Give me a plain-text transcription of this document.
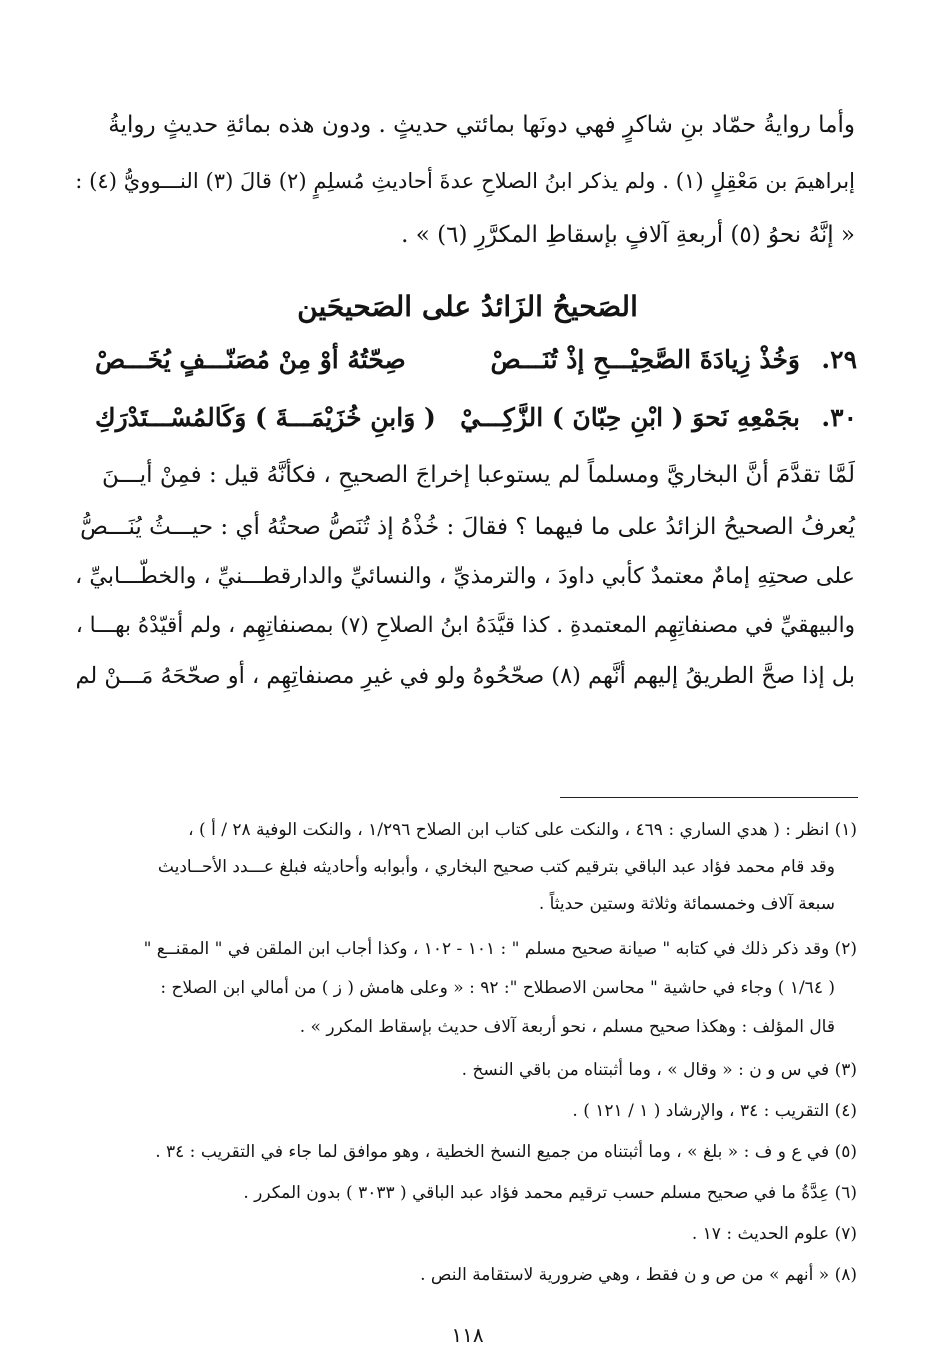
وأما روايةُ حمّاد بنِ شاكرٍ فهي دونَها بمائتي حديثٍ . ودون هذه بمائةِ حديثٍ روايةُ
إبراهيمَ بن مَعْقِلٍ (١) . ولم يذكر ابنُ الصلاحِ عدةَ أحاديثِ مُسلِمٍ (٢) قالَ (٣) النـــوويُّ (٤) :
« إنَّهُ نحوُ (٥) أربعةِ آلافٍ بإسقاطِ المكرَّرِ (٦) » .
الصَحيحُ الزَائدُ على الصَحيحَين
٢٩.
وَخُذْ زِيادَةَ الصَّحِيْـــحِ إذْ تُنَـــصْ
صِحّتُهُ أوْ مِنْ مُصَنّـــفٍ يُخَـــصْ
٣٠.
بجَمْعِهِ نَحوَ ( ابْنِ حِبّانَ ) الزَّكِـــيْ
( وَابنِ خُزَيْمَـــةَ ) وَكَالمُسْـــتَدْرَكِ
لَمَّا تقدَّمَ أنَّ البخاريَّ ومسلماً لم يستوعبا إخراجَ الصحيحِ ، فكأنَّهُ قيل : فمِنْ أيـــنَ
يُعرفُ الصحيحُ الزائدُ على ما فيهما ؟ فقالَ : خُذْهُ إذ تُنَصُّ صحتُهُ أي : حيـــثُ يُنَـــصُّ
على صحتِهِ إمامٌ معتمدٌ كأبي داودَ ، والترمذيِّ ، والنسائيِّ والدارقطـــنيِّ ، والخطّـــابيِّ ،
والبيهقيِّ في مصنفاتِهِم المعتمدةِ . كذا قيَّدَهُ ابنُ الصلاحِ (٧) بمصنفاتِهِم ، ولم أقيّدْهُ بهـــا ،
بل إذا صحَّ الطريقُ إليهم أنَّهم (٨) صحّحُوهُ ولو في غيرِ مصنفاتِهِم ، أو صحّحَهُ مَـــنْ لم
(١) انظر : ( هدي الساري : ٤٦٩ ، والنكت على كتاب ابن الصلاح ١/٢٩٦ ، والنكت الوفية ٢٨ / أ ) ،
وقد قام محمد فؤاد عبد الباقي بترقيم كتب صحيح البخاري ، وأبوابه وأحاديثه فبلغ عـــدد الأحــاديث
سبعة آلاف وخمسمائة وثلاثة وستين حديثاً .
(٢) وقد ذكر ذلك في كتابه " صيانة صحيح مسلم " : ١٠١ - ١٠٢ ، وكذا أجاب ابن الملقن في " المقنــع "
( ١/٦٤ ) وجاء في حاشية " محاسن الاصطلاح ": ٩٢ : « وعلى هامش ( ز ) من أمالي ابن الصلاح :
قال المؤلف : وهكذا صحيح مسلم ، نحو أربعة آلاف حديث بإسقاط المكرر » .
(٣) في س و ن : « وقال » ، وما أثبتناه من باقي النسخ .
(٤) التقريب : ٣٤ ، والإرشاد ( ١ / ١٢١ ) .
(٥) في ع و ف : « بلغ » ، وما أثبتناه من جميع النسخ الخطية ، وهو موافق لما جاء في التقريب : ٣٤ .
(٦) عِدَّةُ ما في صحيح مسلم حسب ترقيم محمد فؤاد عبد الباقي ( ٣٠٣٣ ) بدون المكرر .
(٧) علوم الحديث : ١٧ .
(٨) « أنهم » من ص و ن فقط ، وهي ضرورية لاستقامة النص .
١١٨
